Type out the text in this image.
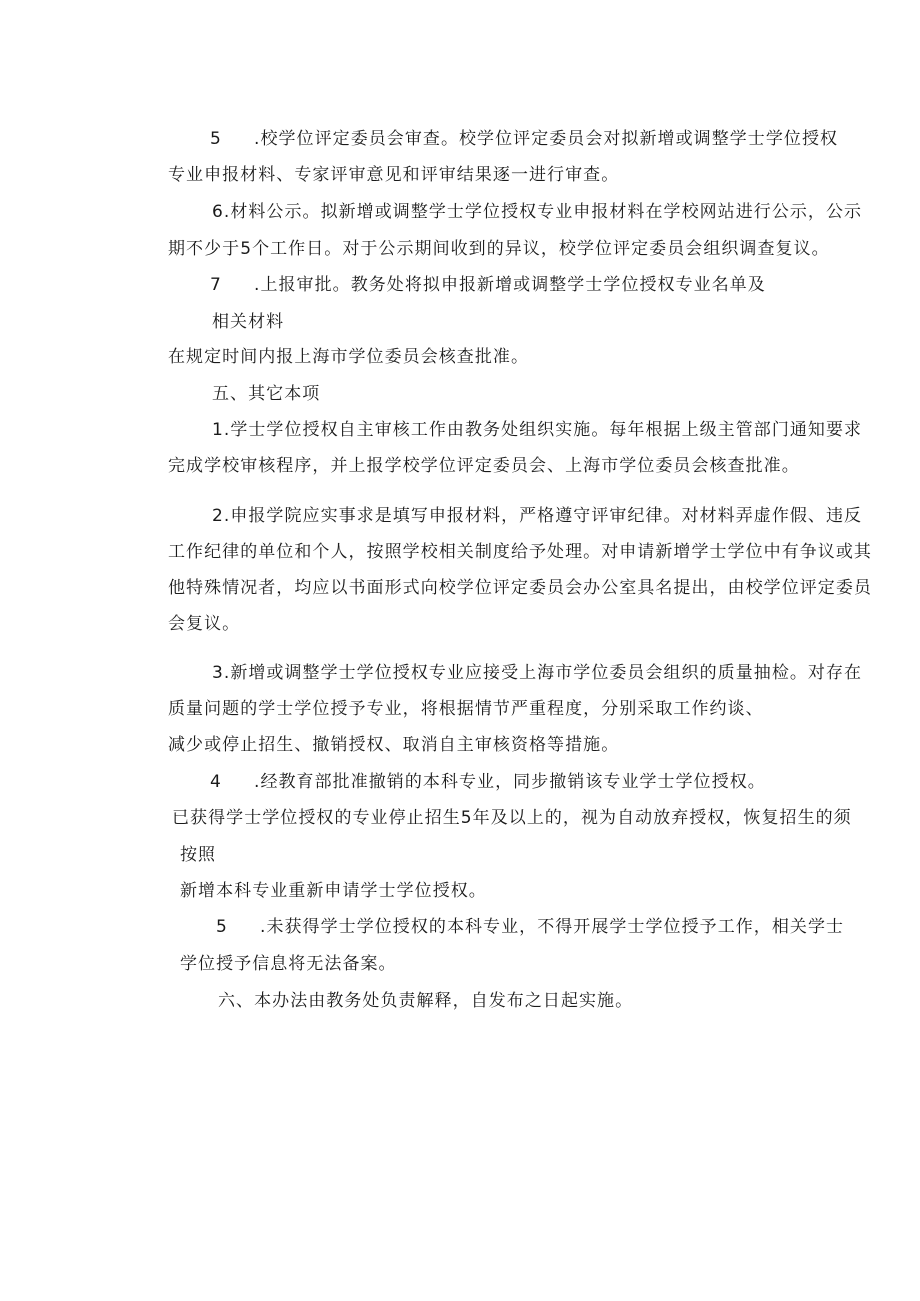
5 .校学位评定委员会审查。校学位评定委员会对拟新增或调整学士学位授权
专业申报材料、专家评审意见和评审结果逐一进行审查。
6.材料公示。拟新增或调整学士学位授权专业申报材料在学校网站进行公示，公示
期不少于5个工作日。对于公示期间收到的异议，校学位评定委员会组织调查复议。
7 .上报审批。教务处将拟申报新增或调整学士学位授权专业名单及
相关材料
在规定时间内报上海市学位委员会核查批准。
五、其它本项
1.学士学位授权自主审核工作由教务处组织实施。每年根据上级主管部门通知要求
完成学校审核程序，并上报学校学位评定委员会、上海市学位委员会核查批准。
2.申报学院应实事求是填写申报材料，严格遵守评审纪律。对材料弄虚作假、违反
工作纪律的单位和个人，按照学校相关制度给予处理。对申请新增学士学位中有争议或其
他特殊情况者，均应以书面形式向校学位评定委员会办公室具名提出，由校学位评定委员
会复议。
3.新增或调整学士学位授权专业应接受上海市学位委员会组织的质量抽检。对存在
质量问题的学士学位授予专业，将根据情节严重程度，分别采取工作约谈、
减少或停止招生、撤销授权、取消自主审核资格等措施。
4 .经教育部批准撤销的本科专业，同步撤销该专业学士学位授权。
已获得学士学位授权的专业停止招生5年及以上的，视为自动放弃授权，恢复招生的须
按照
新增本科专业重新申请学士学位授权。
5 .未获得学士学位授权的本科专业，不得开展学士学位授予工作，相关学士
学位授予信息将无法备案。
六、本办法由教务处负责解释，自发布之日起实施。
